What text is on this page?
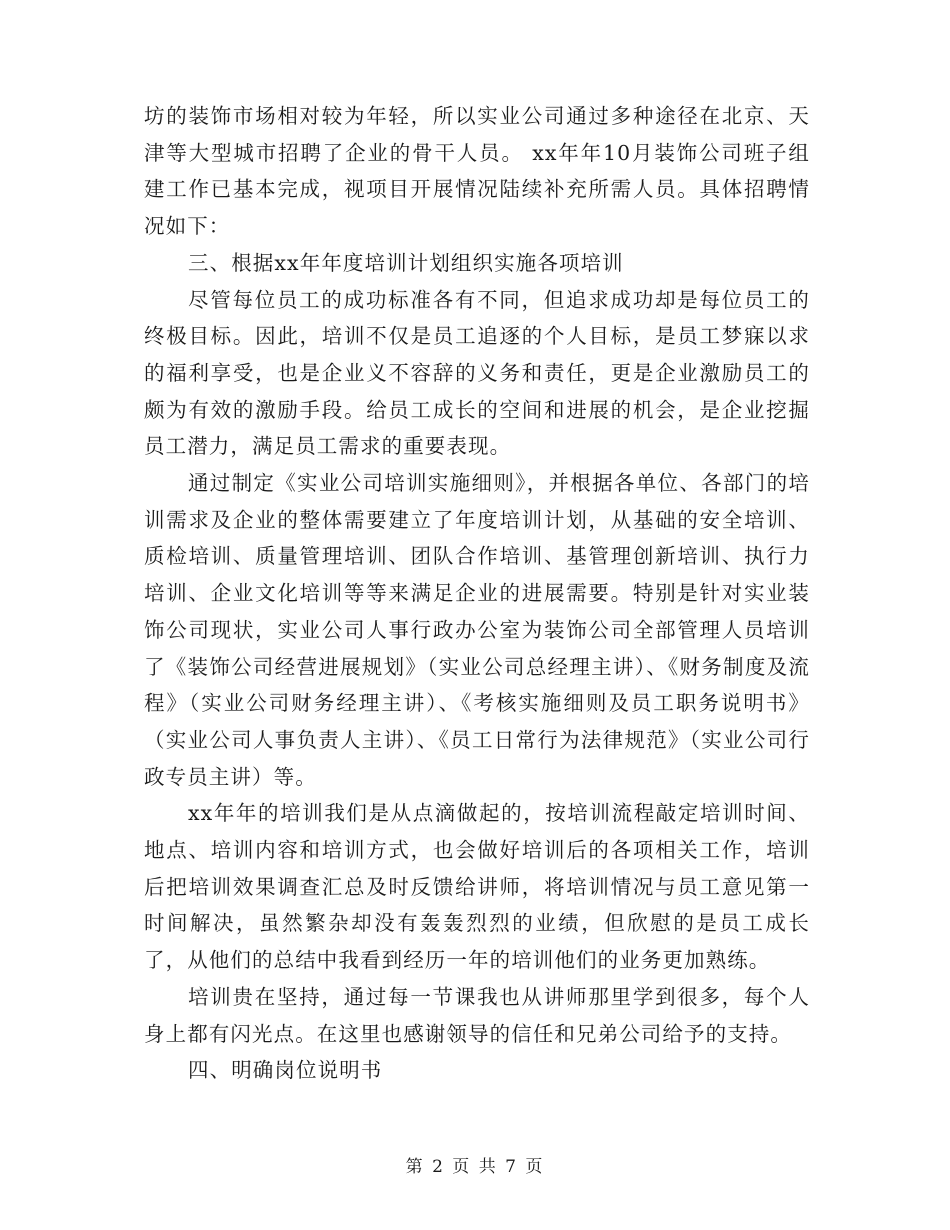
坊的装饰市场相对较为年轻，所以实业公司通过多种途径在北京、天津等大型城市招聘了企业的骨干人员。 xx年年10月装饰公司班子组建工作已基本完成，视项目开展情况陆续补充所需人员。具体招聘情况如下：

三、根据xx年年度培训计划组织实施各项培训

尽管每位员工的成功标准各有不同，但追求成功却是每位员工的终极目标。因此，培训不仅是员工追逐的个人目标，是员工梦寐以求的福利享受，也是企业义不容辞的义务和责任，更是企业激励员工的颇为有效的激励手段。给员工成长的空间和进展的机会，是企业挖掘员工潜力，满足员工需求的重要表现。

通过制定《实业公司培训实施细则》，并根据各单位、各部门的培训需求及企业的整体需要建立了年度培训计划，从基础的安全培训、质检培训、质量管理培训、团队合作培训、基管理创新培训、执行力培训、企业文化培训等等来满足企业的进展需要。特别是针对实业装饰公司现状，实业公司人事行政办公室为装饰公司全部管理人员培训了《装饰公司经营进展规划》（实业公司总经理主讲）、《财务制度及流程》（实业公司财务经理主讲）、《考核实施细则及员工职务说明书》（实业公司人事负责人主讲）、《员工日常行为法律规范》（实业公司行政专员主讲）等。

xx年年的培训我们是从点滴做起的，按培训流程敲定培训时间、地点、培训内容和培训方式，也会做好培训后的各项相关工作，培训后把培训效果调查汇总及时反馈给讲师，将培训情况与员工意见第一时间解决，虽然繁杂却没有轰轰烈烈的业绩，但欣慰的是员工成长了，从他们的总结中我看到经历一年的培训他们的业务更加熟练。

培训贵在坚持，通过每一节课我也从讲师那里学到很多，每个人身上都有闪光点。在这里也感谢领导的信任和兄弟公司给予的支持。

四、明确岗位说明书

第 2 页 共 7 页
